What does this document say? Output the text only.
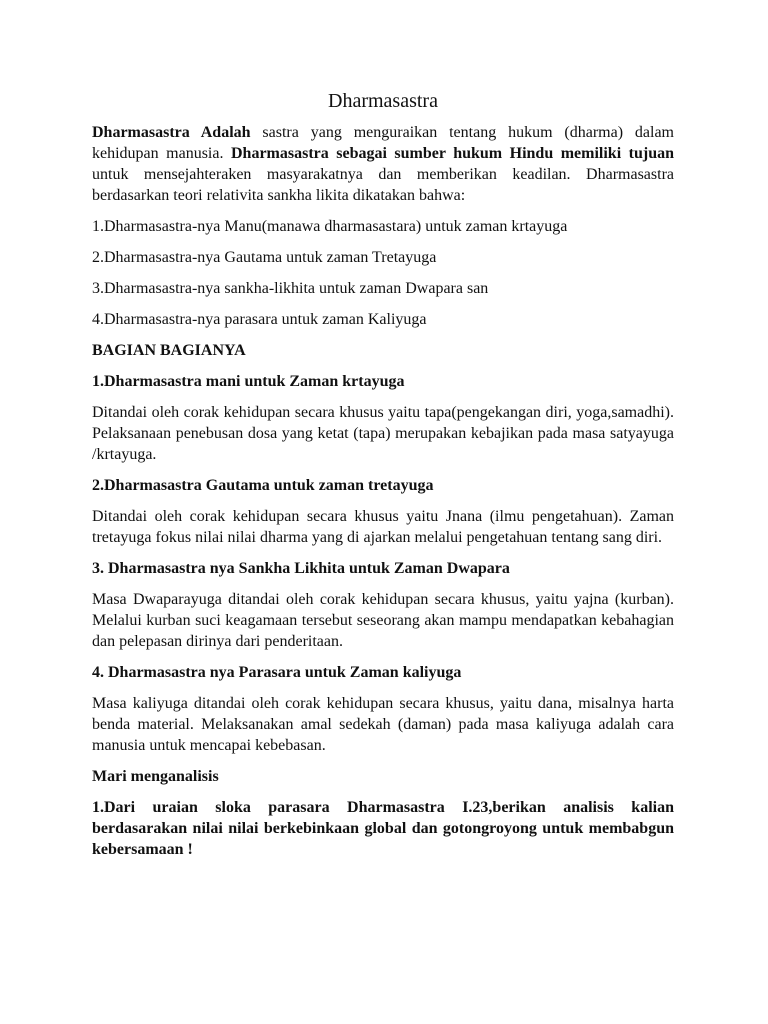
Dharmasastra

Dharmasastra Adalah sastra yang menguraikan tentang hukum (dharma) dalam kehidupan manusia. Dharmasastra sebagai sumber hukum Hindu memiliki tujuan untuk mensejahteraken masyarakatnya dan memberikan keadilan. Dharmasastra berdasarkan teori relativita sankha likita dikatakan bahwa:

1.Dharmasastra-nya Manu(manawa dharmasastara) untuk zaman krtayuga
2.Dharmasastra-nya Gautama untuk zaman Tretayuga
3.Dharmasastra-nya sankha-likhita untuk zaman Dwapara san
4.Dharmasastra-nya parasara untuk zaman Kaliyuga
BAGIAN BAGIANYA
1.Dharmasastra mani untuk Zaman krtayuga

Ditandai oleh corak kehidupan secara khusus yaitu tapa(pengekangan diri, yoga,samadhi). Pelaksanaan penebusan dosa yang ketat (tapa) merupakan kebajikan pada masa satyayuga /krtayuga.

2.Dharmasastra Gautama untuk zaman tretayuga

Ditandai oleh corak kehidupan secara khusus yaitu Jnana (ilmu pengetahuan). Zaman tretayuga fokus nilai nilai dharma yang di ajarkan melalui pengetahuan tentang sang diri.

3. Dharmasastra nya Sankha Likhita untuk Zaman Dwapara

Masa Dwaparayuga ditandai oleh corak kehidupan secara khusus, yaitu yajna (kurban). Melalui kurban suci keagamaan tersebut seseorang akan mampu mendapatkan kebahagian dan pelepasan dirinya dari penderitaan.

4. Dharmasastra nya Parasara untuk Zaman kaliyuga

Masa kaliyuga ditandai oleh corak kehidupan secara khusus, yaitu dana, misalnya harta benda material. Melaksanakan amal sedekah (daman) pada masa kaliyuga adalah cara manusia untuk mencapai kebebasan.

Mari menganalisis

1.Dari uraian sloka parasara Dharmasastra I.23,berikan analisis kalian berdasarakan nilai nilai berkebinkaan global dan gotongroyong untuk membabgun kebersamaan !
